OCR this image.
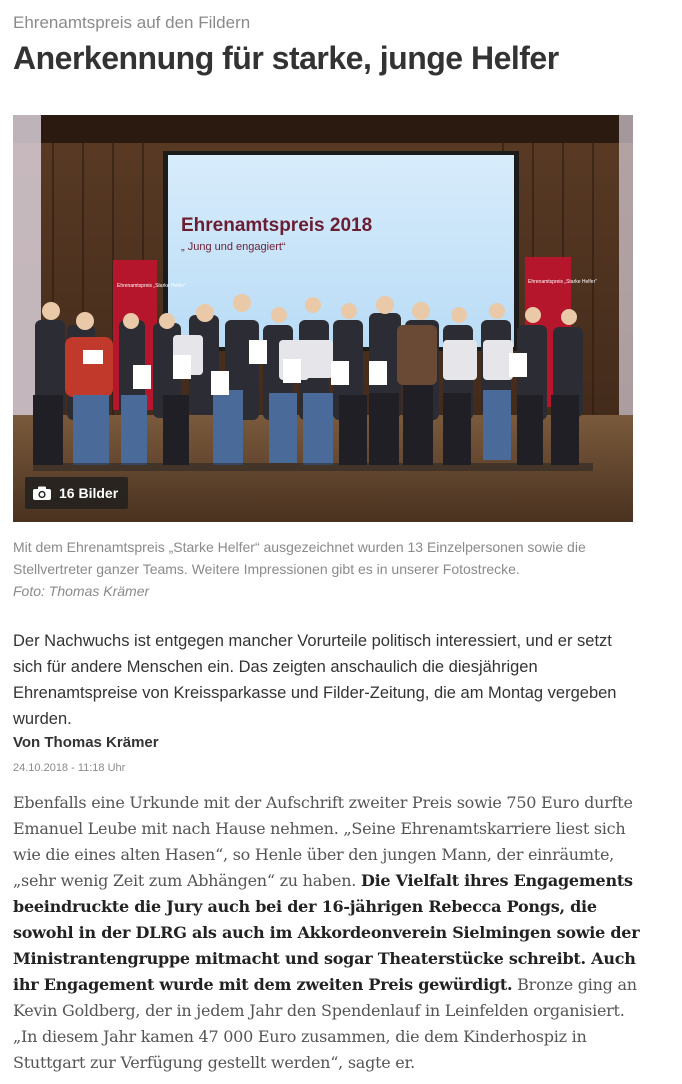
Ehrenamtspreis auf den Fildern
Anerkennung für starke, junge Helfer
Ehrenamtspreis 2018
„ Jung und engagiert“
Ehrenamtspreis „Starke Helfer“
Ehrenamtspreis „Starke Helfer“
16 Bilder
Mit dem Ehrenamtspreis „Starke Helfer“ ausgezeichnet wurden 13 Einzelpersonen sowie die Stellvertreter ganzer Teams. Weitere Impressionen gibt es in unserer Fotostrecke.
Foto: Thomas Krämer

Der Nachwuchs ist entgegen mancher Vorurteile politisch interessiert, und er setzt sich für andere Menschen ein. Das zeigten anschaulich die diesjährigen Ehrenamtspreise von Kreissparkasse und Filder-Zeitung, die am Montag vergeben wurden.

Von Thomas Krämer
24.10.2018 - 11:18 Uhr

Ebenfalls eine Urkunde mit der Aufschrift zweiter Preis sowie 750 Euro durfte Emanuel Leube mit nach Hause nehmen. „Seine Ehrenamtskarriere liest sich wie die eines alten Hasen“, so Henle über den jungen Mann, der einräumte, „sehr wenig Zeit zum Abhängen“ zu haben. Die Vielfalt ihres Engagements beeindruckte die Jury auch bei der 16-jährigen Rebecca Pongs, die sowohl in der DLRG als auch im Akkordeonverein Sielmingen sowie der Ministrantengruppe mitmacht und sogar Theaterstücke schreibt. Auch ihr Engagement wurde mit dem zweiten Preis gewürdigt. Bronze ging an Kevin Goldberg, der in jedem Jahr den Spendenlauf in Leinfelden organisiert. „In diesem Jahr kamen 47 000 Euro zusammen, die dem Kinderhospiz in Stuttgart zur Verfügung gestellt werden“, sagte er.
